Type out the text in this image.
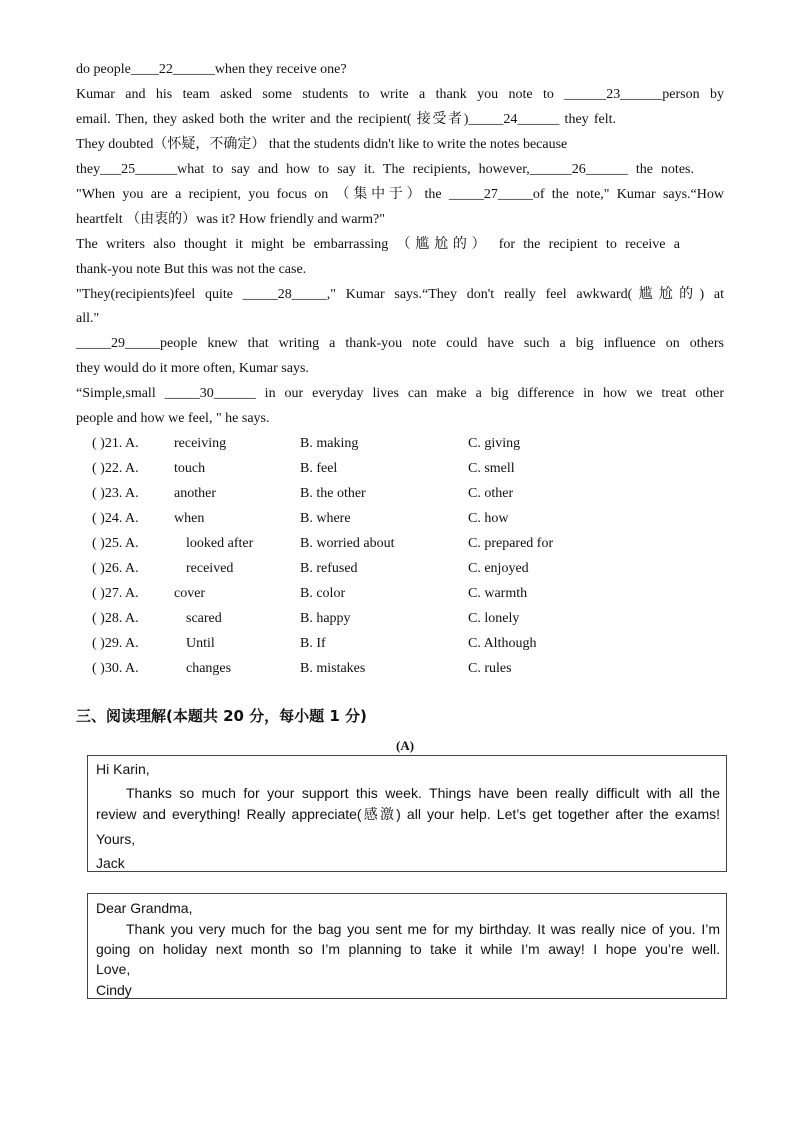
do people____22______when they receive one?
Kumar and his team asked some students to write a thank you note to ______23______person by
email. Then, they asked both the writer and the recipient( 接受者)_____24______ they felt.
They doubted（怀疑，不确定） that the students didn't like to write the notes because
they___25______what to say and how to say it. The recipients, however,______26______ the notes.
"When you are a recipient, you focus on （集中于）the _____27_____of the note," Kumar says.“How
heartfelt （由衷的）was it? How friendly and warm?"
The writers also thought it might be embarrassing （尴尬的） for the recipient to receive a
thank-you note But this was not the case.
"They(recipients)feel quite _____28_____," Kumar says.“They don't really feel awkward(尴尬的) at
all."
_____29_____people knew that writing a thank-you note could have such a big influence on others
they would do it more often, Kumar says.
“Simple,small _____30______ in our everyday lives can make a big difference in how we treat other
people and how we feel, " he says.
( )21. A.	receiving	B. making	C. giving
( )22. A.	touch	B. feel	C. smell
( )23. A.	another	B. the other	C. other
( )24. A.	when	B. where	C. how
( )25. A.	looked after	B. worried about	C. prepared for
( )26. A.	received	B. refused	C. enjoyed
( )27. A.	cover	B. color	C. warmth
( )28. A.	scared	B. happy	C. lonely
( )29. A.	Until	B. If	C. Although
( )30. A.	changes	B. mistakes	C. rules
三、阅读理解(本题共 20 分，每小题 1 分)
(A)
Hi Karin,
Thanks so much for your support this week. Things have been really difficult with all the
review and everything! Really appreciate(感激) all your help. Let’s get together after the exams!
Yours,
Jack
Dear Grandma,
Thank you very much for the bag you sent me for my birthday. It was really nice of you. I’m
going on holiday next month so I’m planning to take it while I’m away! I hope you’re well.
Love,
Cindy
